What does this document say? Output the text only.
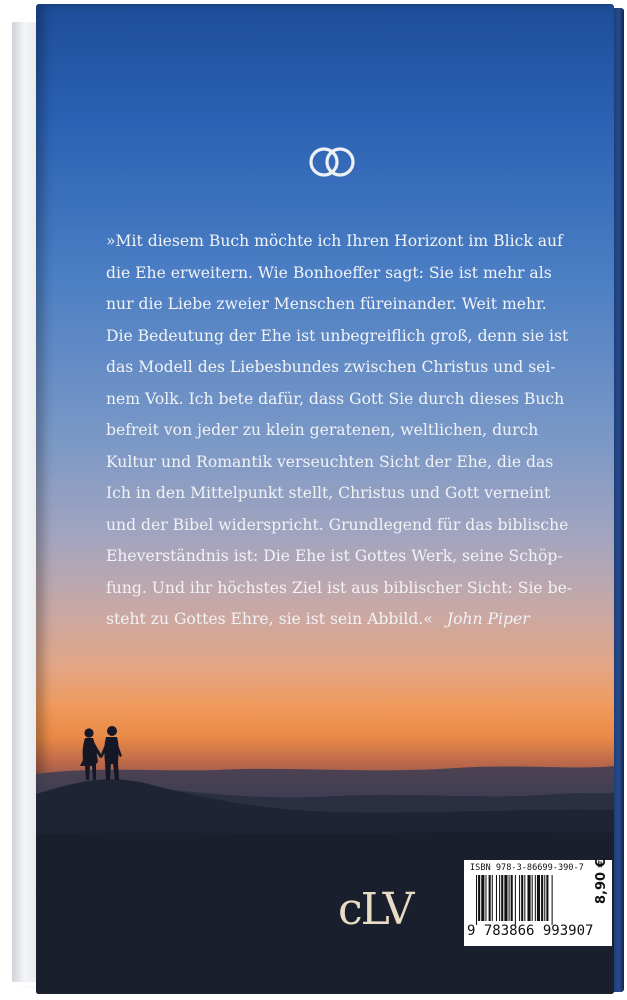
»Mit diesem Buch möchte ich Ihren Horizont im Blick auf
die Ehe erweitern. Wie Bonhoeffer sagt: Sie ist mehr als
nur die Liebe zweier Menschen füreinander. Weit mehr.
Die Bedeutung der Ehe ist unbegreiflich groß, denn sie ist
das Modell des Liebesbundes zwischen Christus und sei-
nem Volk. Ich bete dafür, dass Gott Sie durch dieses Buch
befreit von jeder zu klein geratenen, weltlichen, durch
Kultur und Romantik verseuchten Sicht der Ehe, die das
Ich in den Mittelpunkt stellt, Christus und Gott verneint
und der Bibel widerspricht. Grundlegend für das biblische
Eheverständnis ist: Die Ehe ist Gottes Werk, seine Schöp-
fung. Und ihr höchstes Ziel ist aus biblischer Sicht: Sie be-
steht zu Gottes Ehre, sie ist sein Abbild.« John Piper
cLV
ISBN 978-3-86699-390-7
9 783866 993907
8,90 €
